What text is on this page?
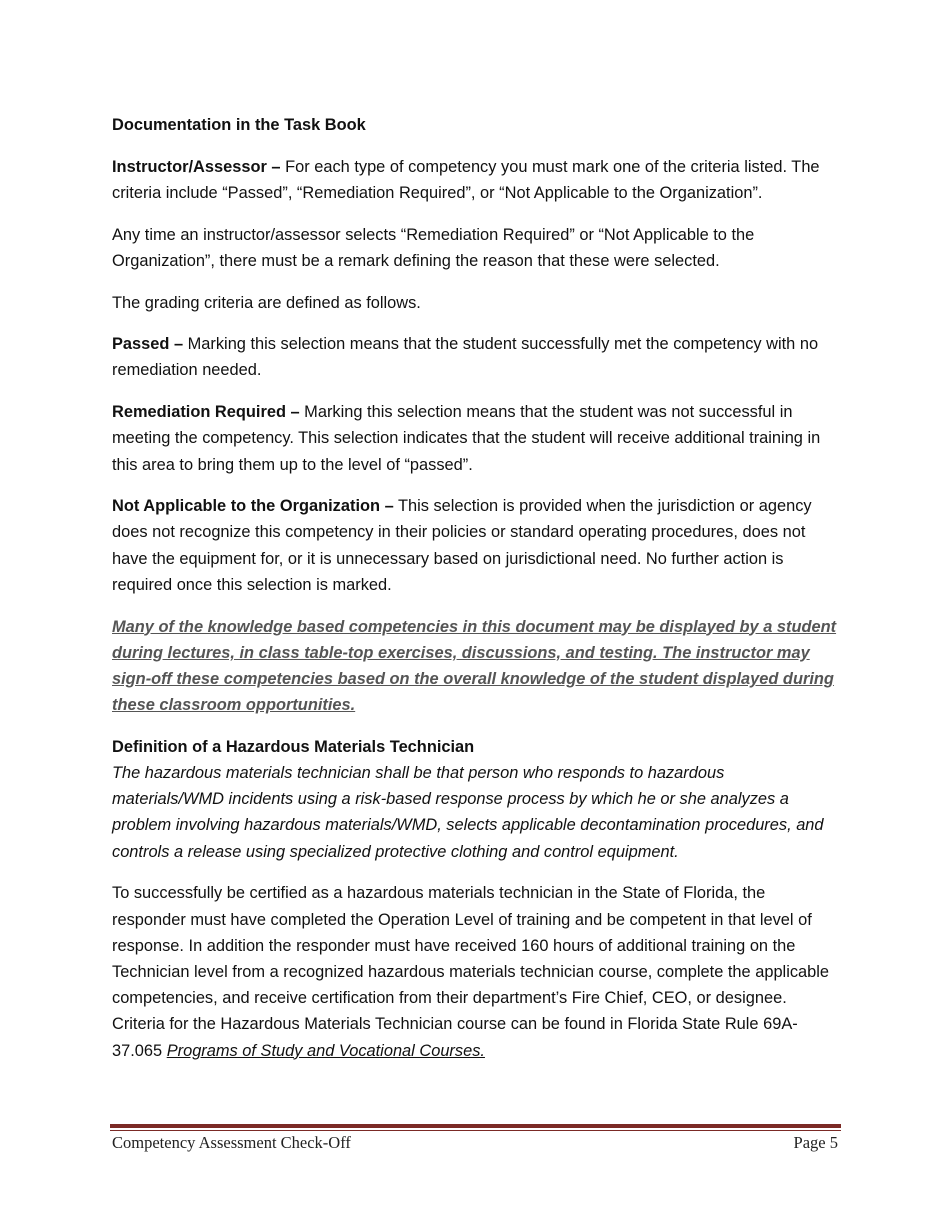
Documentation in the Task Book

Instructor/Assessor – For each type of competency you must mark one of the criteria listed. The criteria include “Passed”, “Remediation Required”, or “Not Applicable to the Organization”.

Any time an instructor/assessor selects “Remediation Required” or “Not Applicable to the Organization”, there must be a remark defining the reason that these were selected.

The grading criteria are defined as follows.

Passed – Marking this selection means that the student successfully met the competency with no remediation needed.

Remediation Required – Marking this selection means that the student was not successful in meeting the competency. This selection indicates that the student will receive additional training in this area to bring them up to the level of “passed”.

Not Applicable to the Organization – This selection is provided when the jurisdiction or agency does not recognize this competency in their policies or standard operating procedures, does not have the equipment for, or it is unnecessary based on jurisdictional need. No further action is required once this selection is marked.

Many of the knowledge based competencies in this document may be displayed by a student during lectures, in class table-top exercises, discussions, and testing. The instructor may sign-off these competencies based on the overall knowledge of the student displayed during these classroom opportunities.

Definition of a Hazardous Materials Technician

The hazardous materials technician shall be that person who responds to hazardous materials/WMD incidents using a risk-based response process by which he or she analyzes a problem involving hazardous materials/WMD, selects applicable decontamination procedures, and controls a release using specialized protective clothing and control equipment.

To successfully be certified as a hazardous materials technician in the State of Florida, the responder must have completed the Operation Level of training and be competent in that level of response. In addition the responder must have received 160 hours of additional training on the Technician level from a recognized hazardous materials technician course, complete the applicable competencies, and receive certification from their department’s Fire Chief, CEO, or designee. Criteria for the Hazardous Materials Technician course can be found in Florida State Rule 69A-37.065 Programs of Study and Vocational Courses.

Competency Assessment Check-Off	Page 5
